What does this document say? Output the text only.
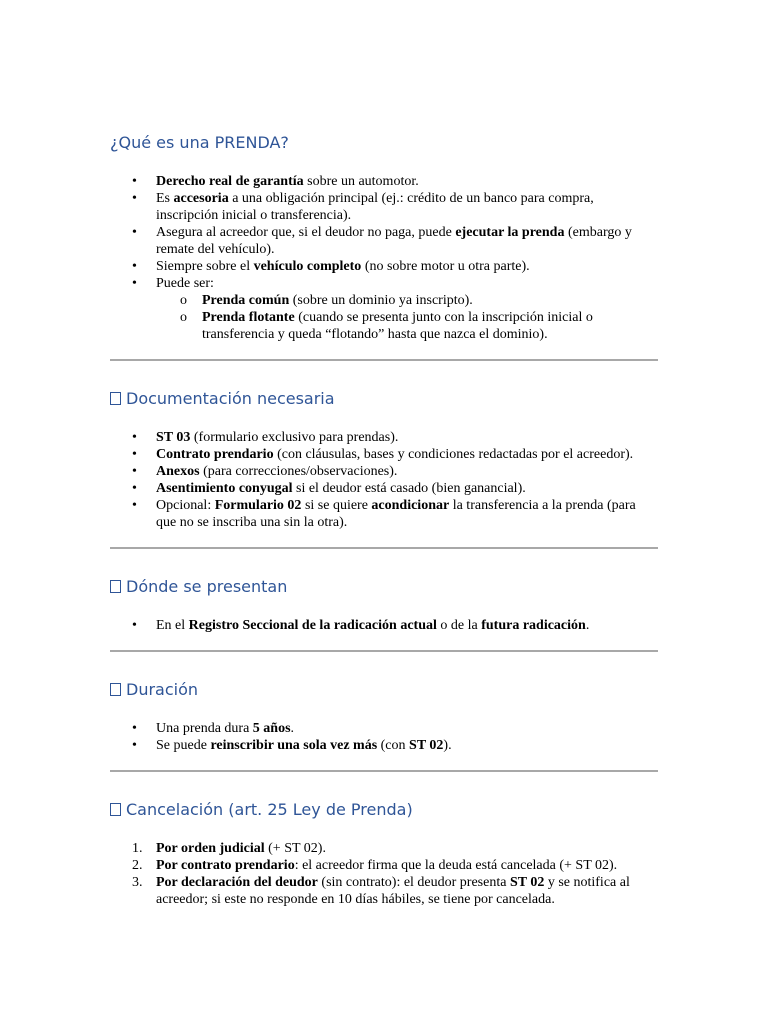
¿Qué es una PRENDA?
• Derecho real de garantía sobre un automotor.
• Es accesoria a una obligación principal (ej.: crédito de un banco para compra, inscripción inicial o transferencia).
• Asegura al acreedor que, si el deudor no paga, puede ejecutar la prenda (embargo y remate del vehículo).
• Siempre sobre el vehículo completo (no sobre motor u otra parte).
• Puede ser:
o Prenda común (sobre un dominio ya inscripto).
o Prenda flotante (cuando se presenta junto con la inscripción inicial o transferencia y queda “flotando” hasta que nazca el dominio).
Documentación necesaria
• ST 03 (formulario exclusivo para prendas).
• Contrato prendario (con cláusulas, bases y condiciones redactadas por el acreedor).
• Anexos (para correcciones/observaciones).
• Asentimiento conyugal si el deudor está casado (bien ganancial).
• Opcional: Formulario 02 si se quiere acondicionar la transferencia a la prenda (para que no se inscriba una sin la otra).
Dónde se presentan
• En el Registro Seccional de la radicación actual o de la futura radicación.
Duración
• Una prenda dura 5 años.
• Se puede reinscribir una sola vez más (con ST 02).
Cancelación (art. 25 Ley de Prenda)
1. Por orden judicial (+ ST 02).
2. Por contrato prendario: el acreedor firma que la deuda está cancelada (+ ST 02).
3. Por declaración del deudor (sin contrato): el deudor presenta ST 02 y se notifica al acreedor; si este no responde en 10 días hábiles, se tiene por cancelada.
